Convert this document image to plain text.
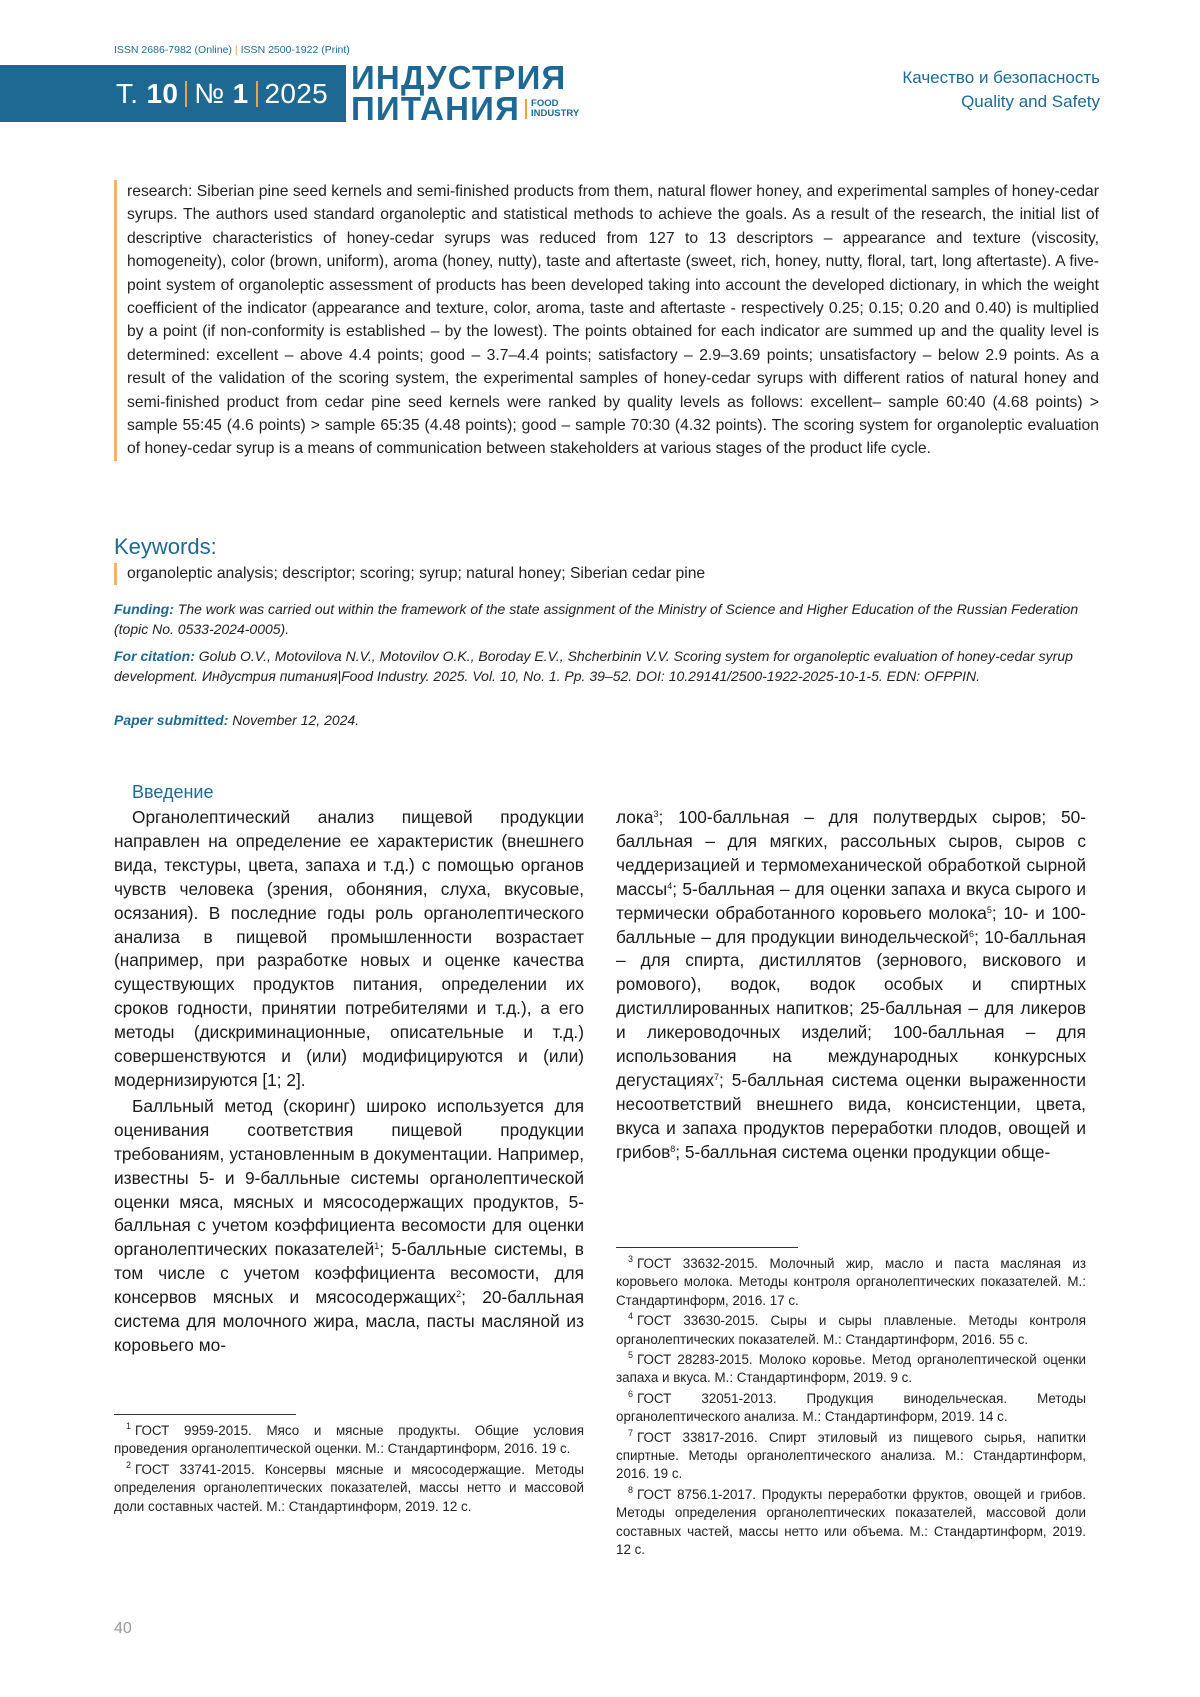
ISSN 2686-7982 (Online) | ISSN 2500-1922 (Print)
Т. 10 № 1 2025 ИНДУСТРИЯ
ПИТАНИЯ	FOOD
INDUSTRY
Качество и безопасность
Quality and Safety
research: Siberian pine seed kernels and semi-finished products from them, natural flower honey, and experimental samples of honey-cedar syrups. The authors used standard organoleptic and statistical methods to achieve the goals. As a result of the research, the initial list of descriptive characteristics of honey-cedar syrups was reduced from 127 to 13 descriptors – appearance and texture (viscosity, homogeneity), color (brown, uniform), aroma (honey, nutty), taste and aftertaste (sweet, rich, honey, nutty, floral, tart, long aftertaste). A five-point system of organoleptic assessment of products has been developed taking into account the developed dictionary, in which the weight coefficient of the indicator (appearance and texture, color, aroma, taste and aftertaste - respectively 0.25; 0.15; 0.20 and 0.40) is multiplied by a point (if non-conformity is established – by the lowest). The points obtained for each indicator are summed up and the quality level is determined: excellent – above 4.4 points; good – 3.7–4.4 points; satisfactory – 2.9–3.69 points; unsatisfactory – below 2.9 points. As a result of the validation of the scoring system, the experimental samples of honey-cedar syrups with different ratios of natural honey and semi-finished product from cedar pine seed kernels were ranked by quality levels as follows: excellent– sample 60:40 (4.68 points) > sample 55:45 (4.6 points) > sample 65:35 (4.48 points); good – sample 70:30 (4.32 points). The scoring system for organoleptic evaluation of honey-cedar syrup is a means of communication between stakeholders at various stages of the product life cycle.
Keywords:
organoleptic analysis; descriptor; scoring; syrup; natural honey; Siberian cedar pine
Funding: The work was carried out within the framework of the state assignment of the Ministry of Science and Higher Education of the Russian Federation (topic No. 0533-2024-0005).
For citation: Golub O.V., Motovilova N.V., Motovilov O.K., Boroday E.V., Shcherbinin V.V. Scoring system for organoleptic evaluation of honey-cedar syrup development. Индустрия питания|Food Industry. 2025. Vol. 10, No. 1. Pp. 39–52. DOI: 10.29141/2500-1922-2025-10-1-5. EDN: OFPPIN.
Paper submitted: November 12, 2024.
Введение

Органолептический анализ пищевой продукции направлен на определение ее характеристик (внешнего вида, текстуры, цвета, запаха и т.д.) с помощью органов чувств человека (зрения, обоняния, слуха, вкусовые, осязания). В последние годы роль органолептического анализа в пищевой промышленности возрастает (например, при разработке новых и оценке качества существующих продуктов питания, определении их сроков годности, принятии потребителями и т.д.), а его методы (дискриминационные, описательные и т.д.) совершенствуются и (или) модифицируются и (или) модернизируются [1; 2].

Балльный метод (скоринг) широко используется для оценивания соответствия пищевой продукции требованиям, установленным в документации. Например, известны 5- и 9-балльные системы органолептической оценки мяса, мясных и мясосодержащих продуктов, 5-балльная с учетом коэффициента весомости для оценки органолептических показателей$^1$; 5-балльные системы, в том числе с учетом коэффициента весомости, для консервов мясных и мясосодержащих$^2$; 20-балльная система для молочного жира, масла, пасты масляной из коровьего мо-

лока$^3$; 100-балльная – для полутвердых сыров; 50-балльная – для мягких, рассольных сыров, сыров с чеддеризацией и термомеханической обработкой сырной массы$^4$; 5-балльная – для оценки запаха и вкуса сырого и термически обработанного коровьего молока$^5$; 10- и 100-балльные – для продукции винодельческой$^6$; 10-балльная – для спирта, дистиллятов (зернового, вискового и ромового), водок, водок особых и спиртных дистиллированных напитков; 25-балльная – для ликеров и ликероводочных изделий; 100-балльная – для использования на международных конкурсных дегустациях$^7$; 5-балльная система оценки выраженности несоответствий внешнего вида, консистенции, цвета, вкуса и запаха продуктов переработки плодов, овощей и грибов$^8$; 5-балльная система оценки продукции обще-

$^1$ ГОСТ 9959-2015. Мясо и мясные продукты. Общие условия проведения органолептической оценки. М.: Стандартинформ, 2016. 19 с.

$^2$ ГОСТ 33741-2015. Консервы мясные и мясосодержащие. Методы определения органолептических показателей, массы нетто и массовой доли составных частей. М.: Стандартинформ, 2019. 12 с.

$^3$ ГОСТ 33632-2015. Молочный жир, масло и паста масляная из коровьего молока. Методы контроля органолептических показателей. М.: Стандартинформ, 2016. 17 с.

$^4$ ГОСТ 33630-2015. Сыры и сыры плавленые. Методы контроля органолептических показателей. М.: Стандартинформ, 2016. 55 с.

$^5$ ГОСТ 28283-2015. Молоко коровье. Метод органолептической оценки запаха и вкуса. М.: Стандартинформ, 2019. 9 с.

$^6$ ГОСТ 32051-2013. Продукция винодельческая. Методы органолептического анализа. М.: Стандартинформ, 2019. 14 с.

$^7$ ГОСТ 33817-2016. Спирт этиловый из пищевого сырья, напитки спиртные. Методы органолептического анализа. М.: Стандартинформ, 2016. 19 с.

$^8$ ГОСТ 8756.1-2017. Продукты переработки фруктов, овощей и грибов. Методы определения органолептических показателей, массовой доли составных частей, массы нетто или объема. М.: Стандартинформ, 2019. 12 с.

40
